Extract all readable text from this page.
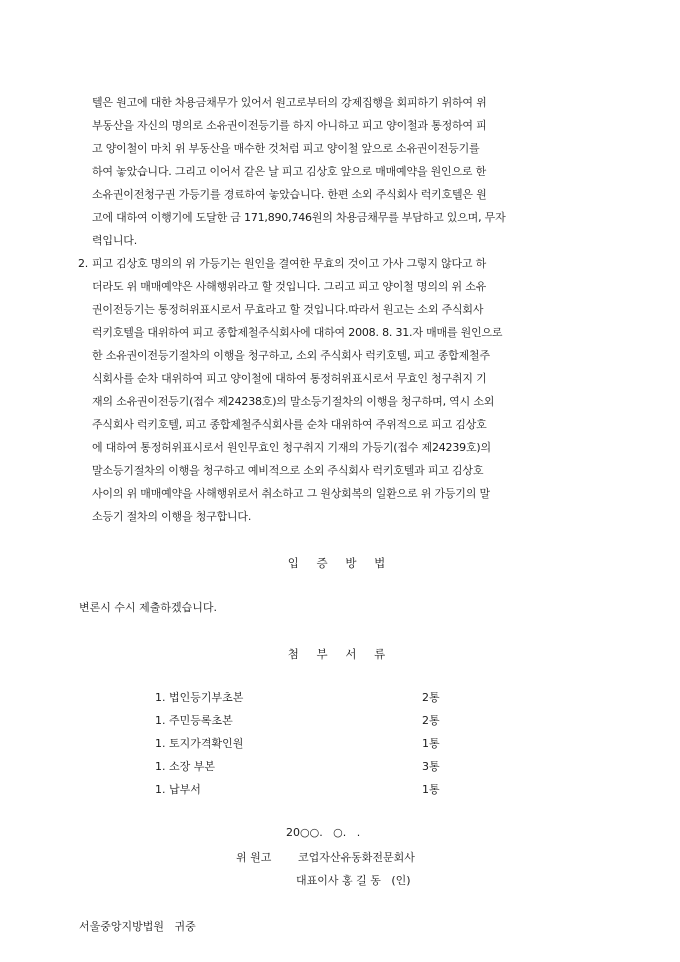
텔은 원고에 대한 차용금채무가 있어서 원고로부터의 강제집행을 회피하기 위하여 위
부동산을 자신의 명의로 소유권이전등기를 하지 아니하고 피고 양이철과 통정하여 피
고 양이철이 마치 위 부동산을 매수한 것처럼 피고 양이철 앞으로 소유권이전등기를
하여 놓았습니다. 그리고 이어서 같은 날 피고 김상호 앞으로 매매예약을 원인으로 한
소유권이전청구권 가등기를 경료하여 놓았습니다. 한편 소외 주식회사 럭키호텔은 원
고에 대하여 이행기에 도달한 금 171,890,746원의 차용금채무를 부담하고 있으며, 무자
력입니다.
2. 피고 김상호 명의의 위 가등기는 원인을 결여한 무효의 것이고 가사 그렇지 않다고 하
더라도 위 매매예약은 사해행위라고 할 것입니다. 그리고 피고 양이철 명의의 위 소유
권이전등기는 통정허위표시로서 무효라고 할 것입니다.따라서 원고는 소외 주식회사
럭키호텔을 대위하여 피고 종합제철주식회사에 대하여 2008. 8. 31.자 매매를 원인으로
한 소유권이전등기절차의 이행을 청구하고, 소외 주식회사 럭키호텔, 피고 종합제철주
식회사를 순차 대위하여 피고 양이철에 대하여 통정허위표시로서 무효인 청구취지 기
재의 소유권이전등기(접수 제24238호)의 말소등기절차의 이행을 청구하며, 역시 소외
주식회사 럭키호텔, 피고 종합제철주식회사를 순차 대위하여 주위적으로 피고 김상호
에 대하여 통정허위표시로서 원인무효인 청구취지 기재의 가등기(접수 제24239호)의
말소등기절차의 이행을 청구하고 예비적으로 소외 주식회사 럭키호텔과 피고 김상호
사이의 위 매매예약을 사해행위로서 취소하고 그 원상회복의 일환으로 위 가등기의 말
소등기 절차의 이행을 청구합니다.
입 증 방 법
변론시 수시 제출하겠습니다.
첨 부 서 류
1. 법인등기부초본	2통
1. 주민등록초본	2통
1. 토지가격확인원	1통
1. 소장 부본	3통
1. 납부서	1통
20○○.   ○.   .
위 원고 코업자산유동화전문회사
대표이사 홍 길 동   (인)
서울중앙지방법원   귀중
